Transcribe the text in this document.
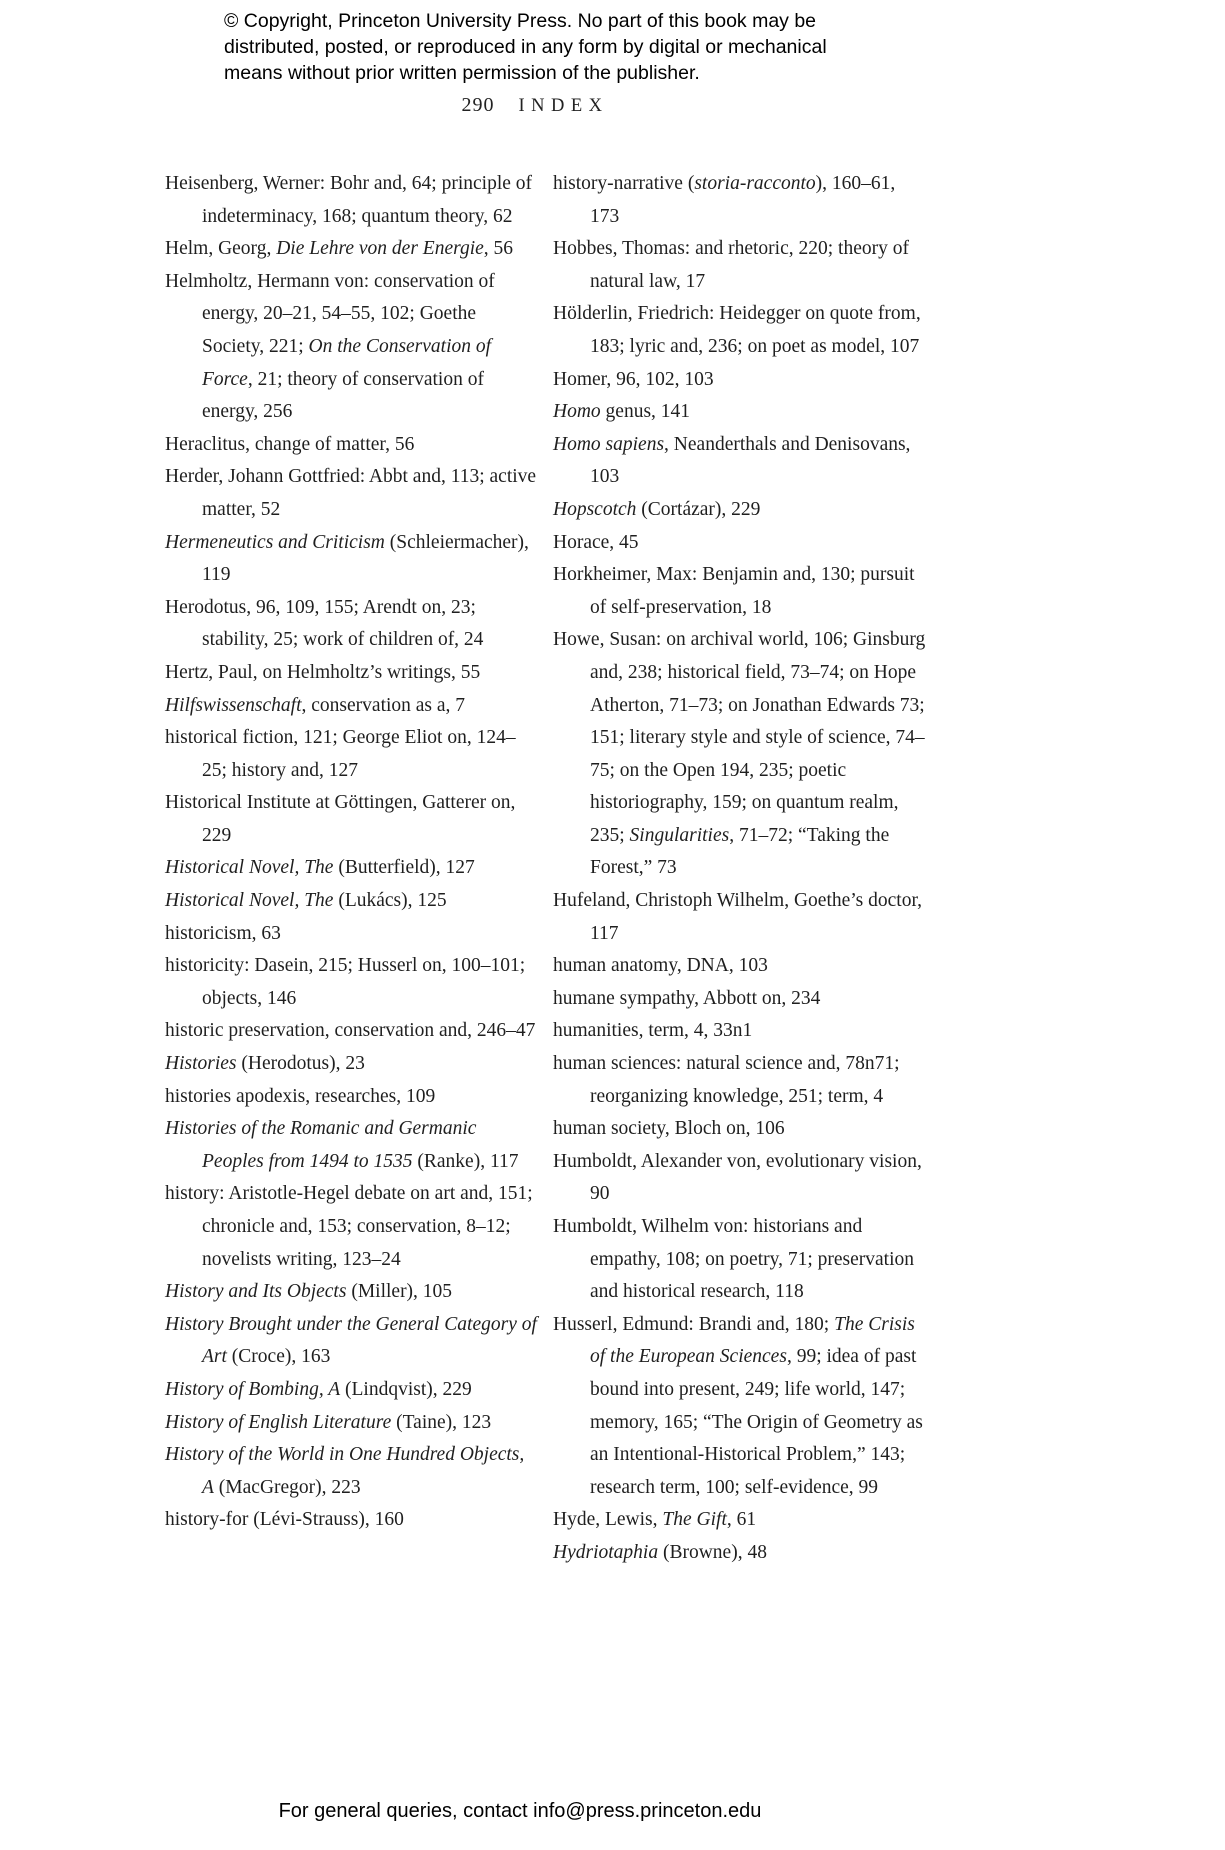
© Copyright, Princeton University Press. No part of this book may be
distributed, posted, or reproduced in any form by digital or mechanical
means without prior written permission of the publisher.
290 INDEX

Heisenberg, Werner: Bohr and, 64; principle of indeterminacy, 168; quantum theory, 62

Helm, Georg, Die Lehre von der Energie, 56

Helmholtz, Hermann von: conservation of energy, 20–21, 54–55, 102; Goethe Society, 221; On the Conservation of Force, 21; theory of conservation of energy, 256

Heraclitus, change of matter, 56

Herder, Johann Gottfried: Abbt and, 113; active matter, 52

Hermeneutics and Criticism (Schleiermacher), 119

Herodotus, 96, 109, 155; Arendt on, 23; stability, 25; work of children of, 24

Hertz, Paul, on Helmholtz’s writings, 55

Hilfswissenschaft, conservation as a, 7

historical fiction, 121; George Eliot on, 124–25; history and, 127

Historical Institute at Göttingen, Gatterer on, 229

Historical Novel, The (Butterfield), 127

Historical Novel, The (Lukács), 125

historicism, 63

historicity: Dasein, 215; Husserl on, 100–101; objects, 146

historic preservation, conservation and, 246–47

Histories (Herodotus), 23

histories apodexis, researches, 109

Histories of the Romanic and Germanic Peoples from 1494 to 1535 (Ranke), 117

history: Aristotle-Hegel debate on art and, 151; chronicle and, 153; conservation, 8–12; novelists writing, 123–24

History and Its Objects (Miller), 105

History Brought under the General Category of Art (Croce), 163

History of Bombing, A (Lindqvist), 229

History of English Literature (Taine), 123

History of the World in One Hundred Objects, A (MacGregor), 223

history-for (Lévi-Strauss), 160

history-narrative (storia-racconto), 160–61, 173

Hobbes, Thomas: and rhetoric, 220; theory of natural law, 17

Hölderlin, Friedrich: Heidegger on quote from, 183; lyric and, 236; on poet as model, 107

Homer, 96, 102, 103

Homo genus, 141

Homo sapiens, Neanderthals and Denisovans, 103

Hopscotch (Cortázar), 229

Horace, 45

Horkheimer, Max: Benjamin and, 130; pursuit of self-preservation, 18

Howe, Susan: on archival world, 106; Ginsburg and, 238; historical field, 73–74; on Hope Atherton, 71–73; on Jonathan Edwards 73; 151; literary style and style of science, 74–75; on the Open 194, 235; poetic historiography, 159; on quantum realm, 235; Singularities, 71–72; “Taking the Forest,” 73

Hufeland, Christoph Wilhelm, Goethe’s doctor, 117

human anatomy, DNA, 103

humane sympathy, Abbott on, 234

humanities, term, 4, 33n1

human sciences: natural science and, 78n71; reorganizing knowledge, 251; term, 4

human society, Bloch on, 106

Humboldt, Alexander von, evolutionary vision, 90

Humboldt, Wilhelm von: historians and empathy, 108; on poetry, 71; preservation and historical research, 118

Husserl, Edmund: Brandi and, 180; The Crisis of the European Sciences, 99; idea of past bound into present, 249; life world, 147; memory, 165; “The Origin of Geometry as an Intentional-Historical Problem,” 143; research term, 100; self-evidence, 99

Hyde, Lewis, The Gift, 61

Hydriotaphia (Browne), 48

For general queries, contact info@press.princeton.edu
